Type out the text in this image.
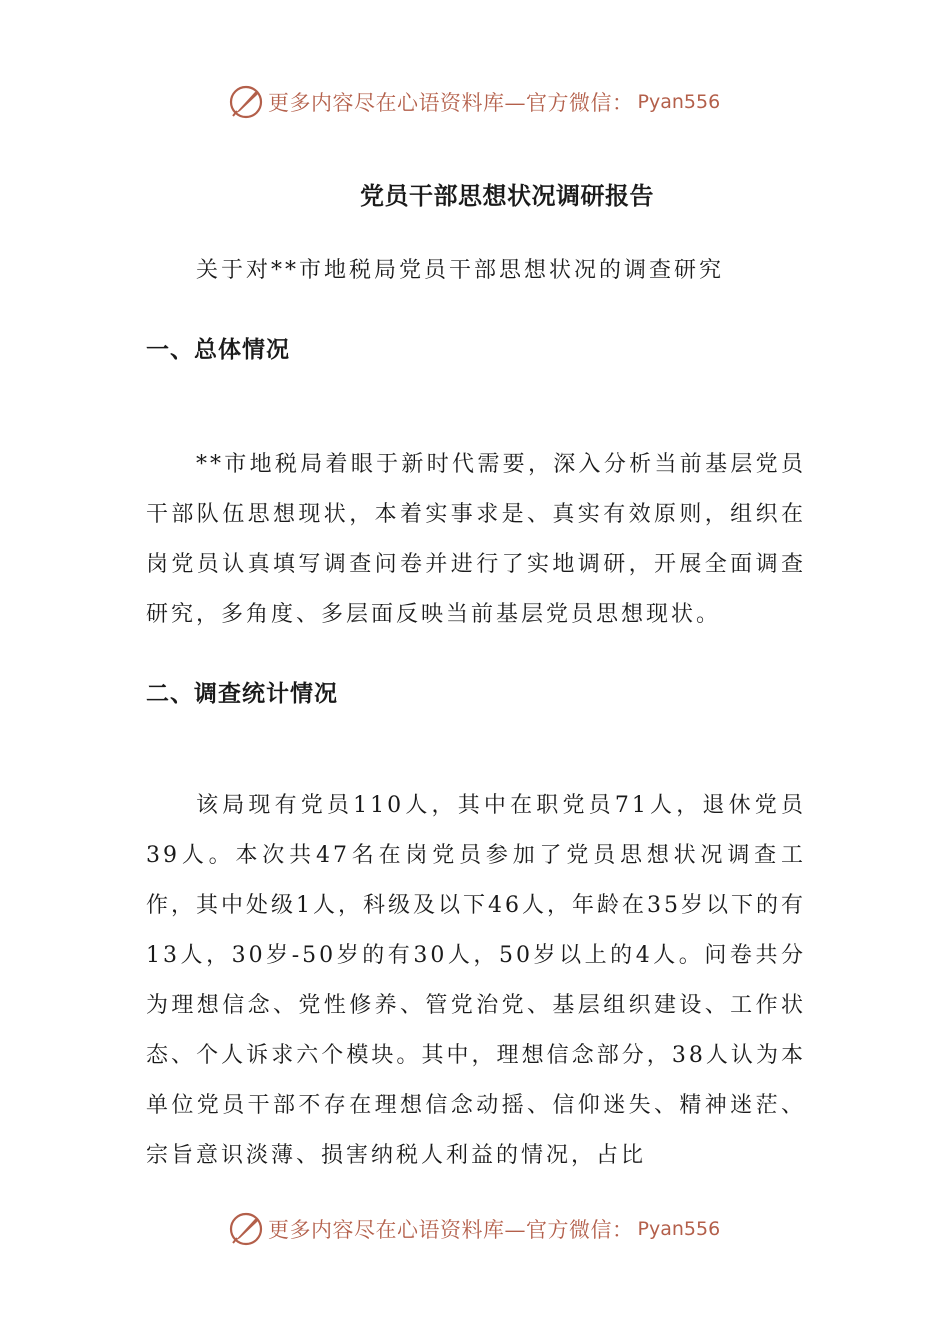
更多内容尽在心语资料库—官方微信： Pyan556
党员干部思想状况调研报告
关于对**市地税局党员干部思想状况的调查研究
一、总体情况

**市地税局着眼于新时代需要，深入分析当前基层党员干部队伍思想现状，本着实事求是、真实有效原则，组织在岗党员认真填写调查问卷并进行了实地调研，开展全面调查研究，多角度、多层面反映当前基层党员思想现状。

二、调查统计情况

该局现有党员110人，其中在职党员71人，退休党员39人。本次共47名在岗党员参加了党员思想状况调查工作，其中处级1人，科级及以下46人，年龄在35岁以下的有13人，30岁-50岁的有30人，50岁以上的4人。问卷共分为理想信念、党性修养、管党治党、基层组织建设、工作状态、个人诉求六个模块。其中，理想信念部分，38人认为本单位党员干部不存在理想信念动摇、信仰迷失、精神迷茫、宗旨意识淡薄、损害纳税人利益的情况，占比

更多内容尽在心语资料库—官方微信： Pyan556
